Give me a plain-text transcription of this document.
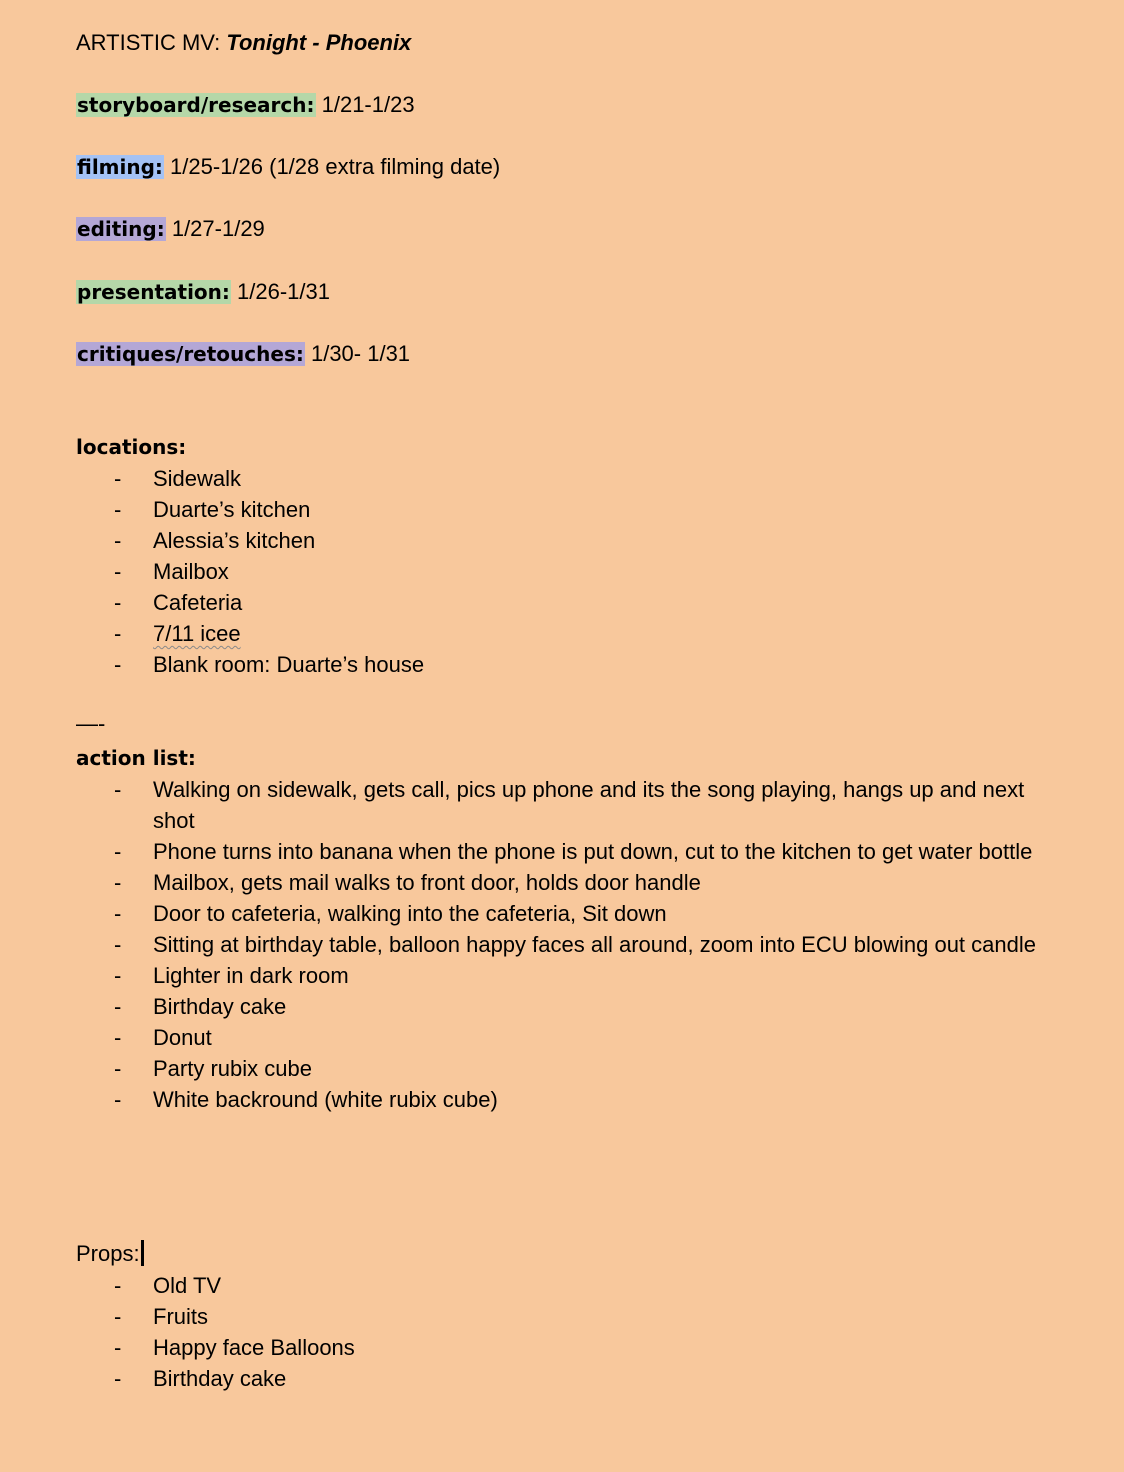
ARTISTIC MV: Tonight - Phoenix
storyboard/research: 1/21-1/23
filming: 1/25-1/26 (1/28 extra filming date)
editing: 1/27-1/29
presentation: 1/26-1/31
critiques/retouches: 1/30- 1/31
locations:
- Sidewalk
- Duarte’s kitchen
- Alessia’s kitchen
- Mailbox
- Cafeteria
- 7/11 icee
- Blank room: Duarte’s house
—-
action list:
- Walking on sidewalk, gets call, pics up phone and its the song playing, hangs up and next shot
- Phone turns into banana when the phone is put down, cut to the kitchen to get water bottle
- Mailbox, gets mail walks to front door, holds door handle
- Door to cafeteria, walking into the cafeteria, Sit down
- Sitting at birthday table, balloon happy faces all around, zoom into ECU blowing out candle
- Lighter in dark room
- Birthday cake
- Donut
- Party rubix cube
- White backround (white rubix cube)
Props:
- Old TV
- Fruits
- Happy face Balloons
- Birthday cake
